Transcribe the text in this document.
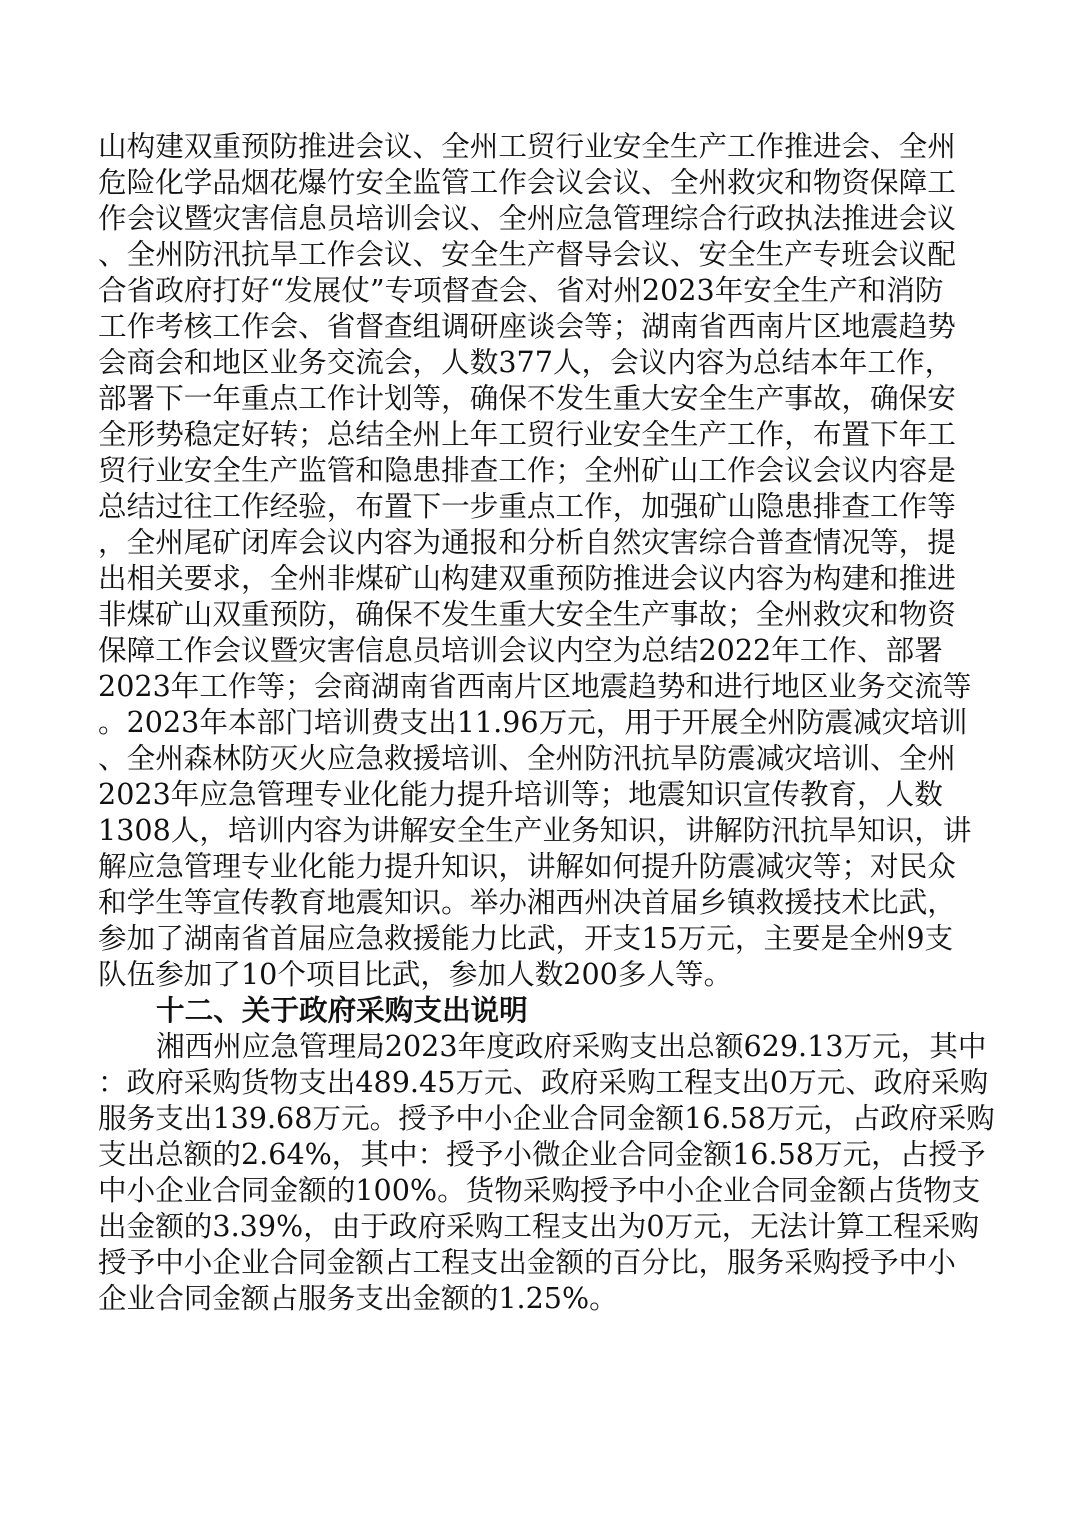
山构建双重预防推进会议、全州工贸行业安全生产工作推进会、全州
危险化学品烟花爆竹安全监管工作会议会议、全州救灾和物资保障工
作会议暨灾害信息员培训会议、全州应急管理综合行政执法推进会议
、全州防汛抗旱工作会议、安全生产督导会议、安全生产专班会议配
合省政府打好“发展仗”专项督查会、省对州2023年安全生产和消防
工作考核工作会、省督查组调研座谈会等；湖南省西南片区地震趋势
会商会和地区业务交流会，人数377人，会议内容为总结本年工作，
部署下一年重点工作计划等，确保不发生重大安全生产事故，确保安
全形势稳定好转；总结全州上年工贸行业安全生产工作，布置下年工
贸行业安全生产监管和隐患排查工作；全州矿山工作会议会议内容是
总结过往工作经验，布置下一步重点工作，加强矿山隐患排查工作等
，全州尾矿闭库会议内容为通报和分析自然灾害综合普查情况等，提
出相关要求，全州非煤矿山构建双重预防推进会议内容为构建和推进
非煤矿山双重预防，确保不发生重大安全生产事故；全州救灾和物资
保障工作会议暨灾害信息员培训会议内空为总结2022年工作、部署
2023年工作等；会商湖南省西南片区地震趋势和进行地区业务交流等
。2023年本部门培训费支出11.96万元，用于开展全州防震减灾培训
、全州森林防灭火应急救援培训、全州防汛抗旱防震减灾培训、全州
2023年应急管理专业化能力提升培训等；地震知识宣传教育，人数
1308人，培训内容为讲解安全生产业务知识，讲解防汛抗旱知识，讲
解应急管理专业化能力提升知识，讲解如何提升防震减灾等；对民众
和学生等宣传教育地震知识。举办湘西州决首届乡镇救援技术比武，
参加了湖南省首届应急救援能力比武，开支15万元，主要是全州9支
队伍参加了10个项目比武，参加人数200多人等。
十二、关于政府采购支出说明
湘西州应急管理局2023年度政府采购支出总额629.13万元，其中
：政府采购货物支出489.45万元、政府采购工程支出0万元、政府采购
服务支出139.68万元。授予中小企业合同金额16.58万元，占政府采购
支出总额的2.64%，其中：授予小微企业合同金额16.58万元，占授予
中小企业合同金额的100%。货物采购授予中小企业合同金额占货物支
出金额的3.39%，由于政府采购工程支出为0万元，无法计算工程采购
授予中小企业合同金额占工程支出金额的百分比，服务采购授予中小
企业合同金额占服务支出金额的1.25%。
